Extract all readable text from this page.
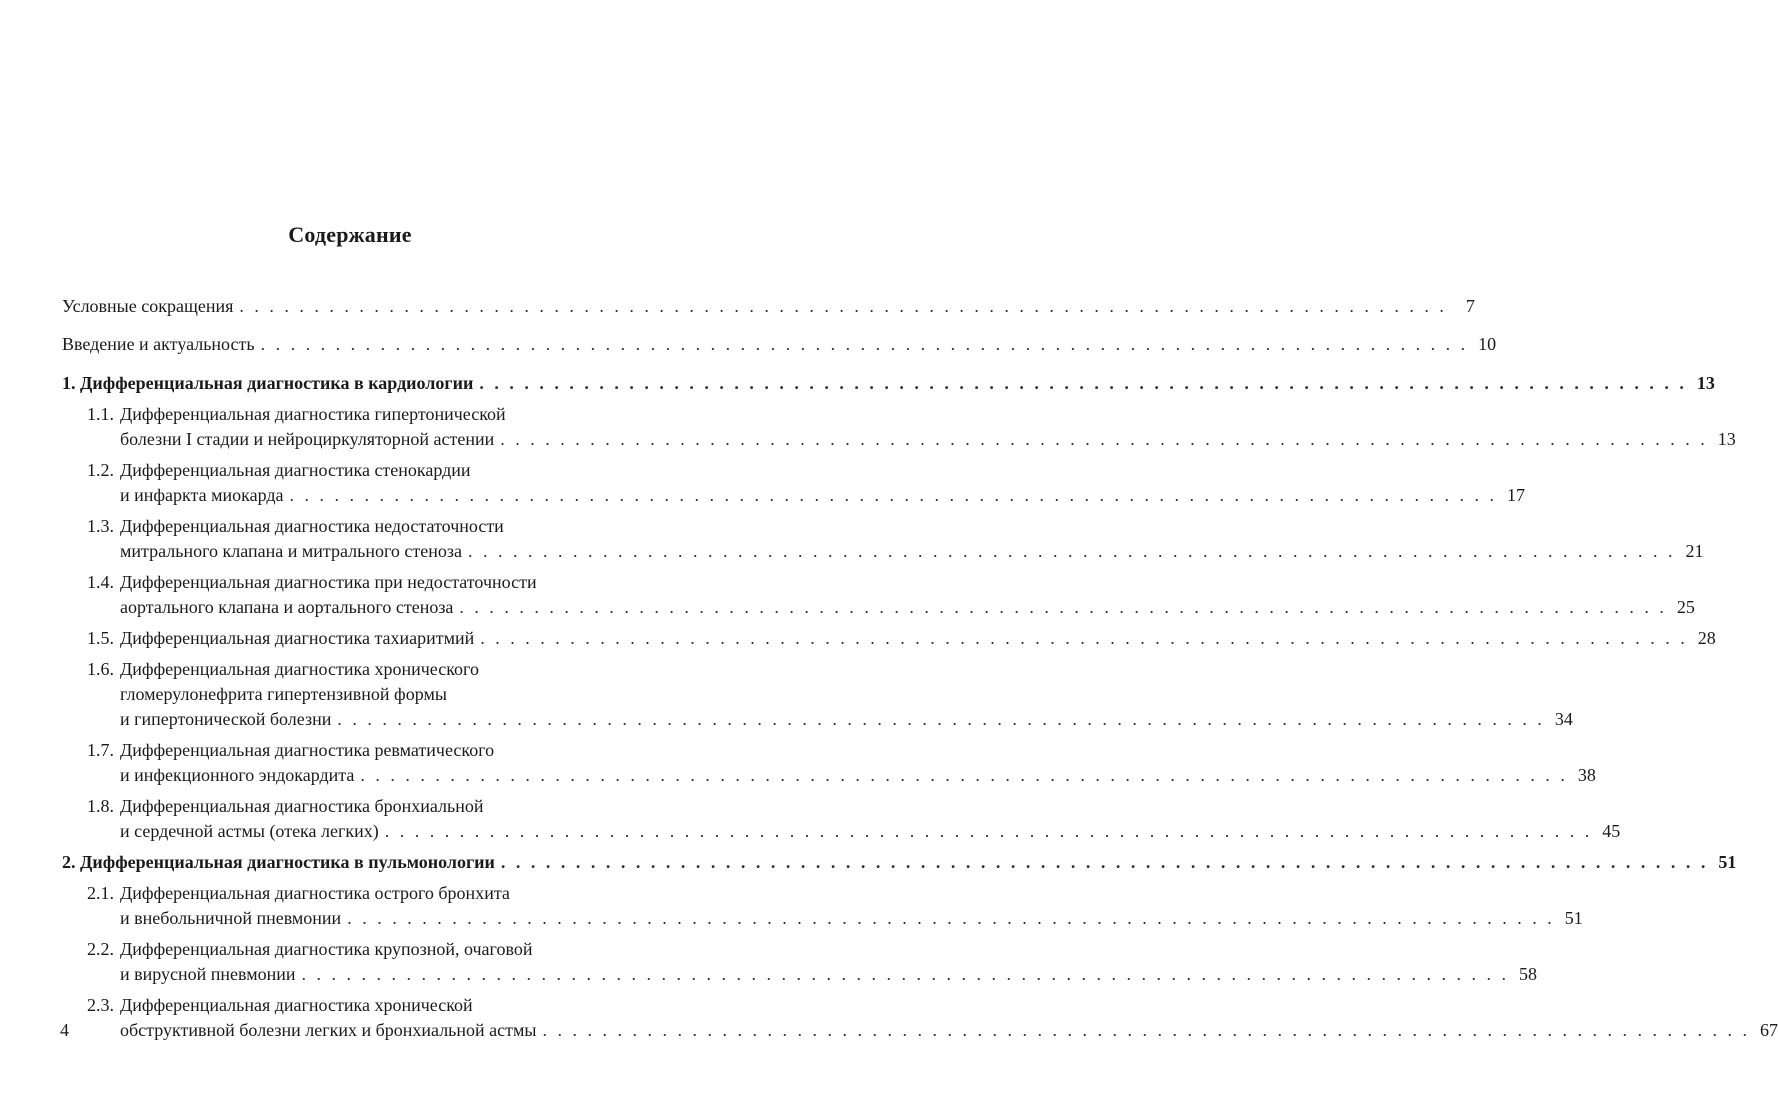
Содержание
Условные сокращения . . .	7
Введение и актуальность . . .	10
1. Дифференциальная диагностика в кардиологии . . .	13
1.1. Дифференциальная диагностика гипертонической
болезни I стадии и нейроциркуляторной астении . . .	13
1.2. Дифференциальная диагностика стенокардии
и инфаркта миокарда . . .	17
1.3. Дифференциальная диагностика недостаточности
митрального клапана и митрального стеноза . . .	21
1.4. Дифференциальная диагностика при недостаточности
аортального клапана и аортального стеноза . . .	25
1.5. Дифференциальная диагностика тахиаритмий . . .	28
1.6. Дифференциальная диагностика хронического
гломерулонефрита гипертензивной формы
и гипертонической болезни . . .	34
1.7. Дифференциальная диагностика ревматического
и инфекционного эндокардита . . .	38
1.8. Дифференциальная диагностика бронхиальной
и сердечной астмы (отека легких) . . .	45
2. Дифференциальная диагностика в пульмонологии . . .	51
2.1. Дифференциальная диагностика острого бронхита
и внебольничной пневмонии . . .	51
2.2. Дифференциальная диагностика крупозной, очаговой
и вирусной пневмонии . . .	58
2.3. Дифференциальная диагностика хронической
обструктивной болезни легких и бронхиальной астмы . . .	67
4
